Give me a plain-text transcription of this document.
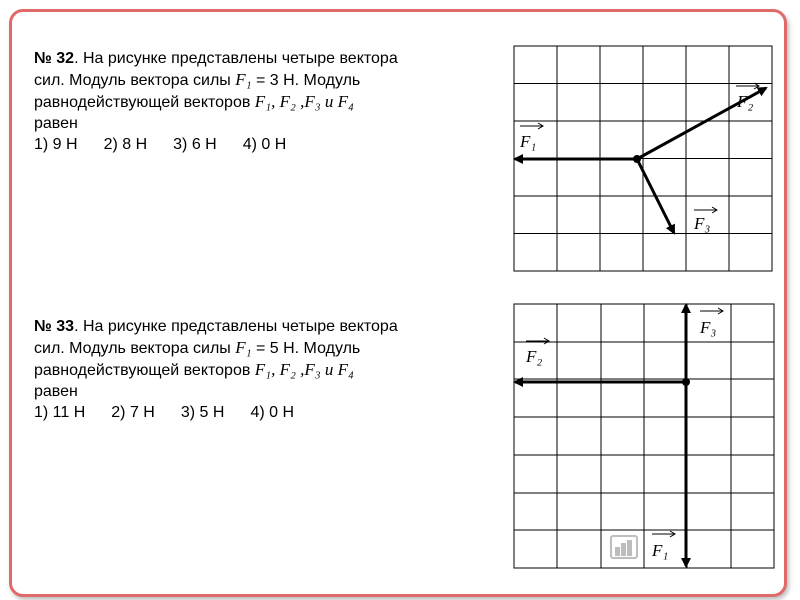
№ 32. На рисунке представлены четыре вектора
сил. Модуль вектора силы F₁ = 3 Н. Модуль
равнодействующей векторов F₁, F₂ ,F₃ и F₄
равен
1) 9 Н 2) 8 Н 3) 6 Н 4) 0 Н
№ 33. На рисунке представлены четыре вектора
сил. Модуль вектора силы F₁ = 5 Н. Модуль
равнодействующей векторов F₁, F₂ ,F₃ и F₄
равен
1) 11 Н 2) 7 Н 3) 5 Н 4) 0 Н
F₁
F₂
F₃
F₃
F₂
F₁
